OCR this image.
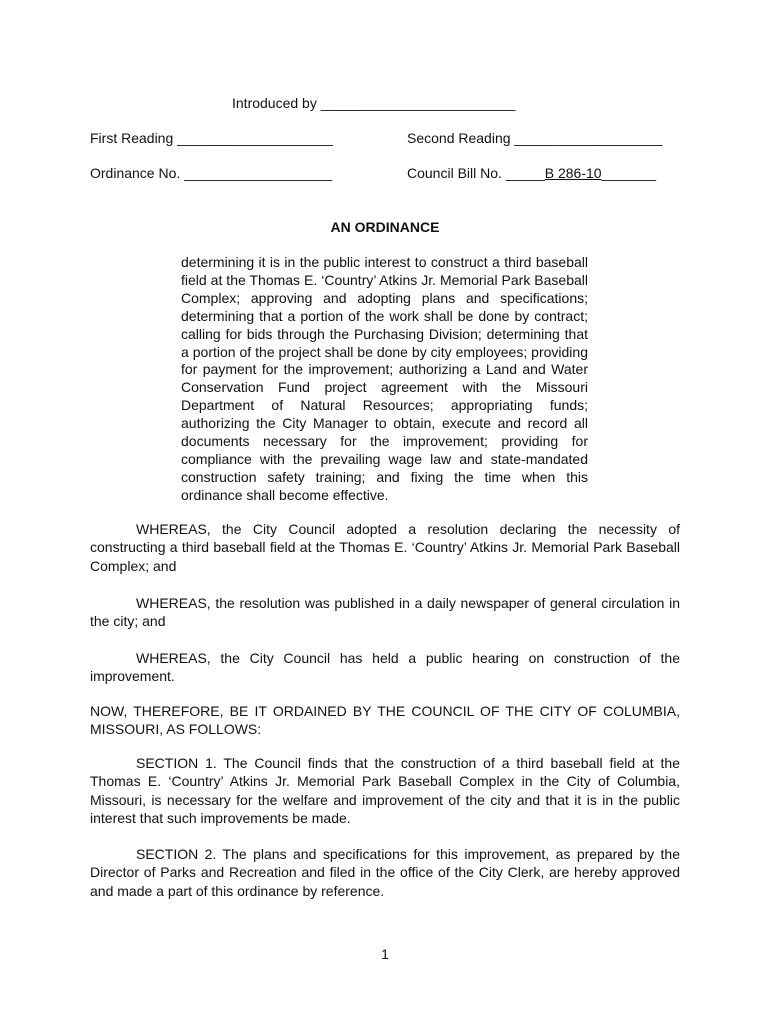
Introduced by _________________________
First Reading ____________________	Second Reading ___________________
Ordinance No. ___________________	Council Bill No. _____B 286-10_______
AN ORDINANCE
determining it is in the public interest to construct a third baseball field at the Thomas E. ‘Country’ Atkins Jr. Memorial Park Baseball Complex; approving and adopting plans and specifications; determining that a portion of the work shall be done by contract; calling for bids through the Purchasing Division; determining that a portion of the project shall be done by city employees; providing for payment for the improvement; authorizing a Land and Water Conservation Fund project agreement with the Missouri Department of Natural Resources; appropriating funds; authorizing the City Manager to obtain, execute and record all documents necessary for the improvement; providing for compliance with the prevailing wage law and state-mandated construction safety training; and fixing the time when this ordinance shall become effective.

WHEREAS, the City Council adopted a resolution declaring the necessity of constructing a third baseball field at the Thomas E. ‘Country’ Atkins Jr. Memorial Park Baseball Complex; and

WHEREAS, the resolution was published in a daily newspaper of general circulation in the city; and

WHEREAS, the City Council has held a public hearing on construction of the improvement.

NOW, THEREFORE, BE IT ORDAINED BY THE COUNCIL OF THE CITY OF COLUMBIA, MISSOURI, AS FOLLOWS:

SECTION 1. The Council finds that the construction of a third baseball field at the Thomas E. ‘Country’ Atkins Jr. Memorial Park Baseball Complex in the City of Columbia, Missouri, is necessary for the welfare and improvement of the city and that it is in the public interest that such improvements be made.

SECTION 2. The plans and specifications for this improvement, as prepared by the Director of Parks and Recreation and filed in the office of the City Clerk, are hereby approved and made a part of this ordinance by reference.

1
